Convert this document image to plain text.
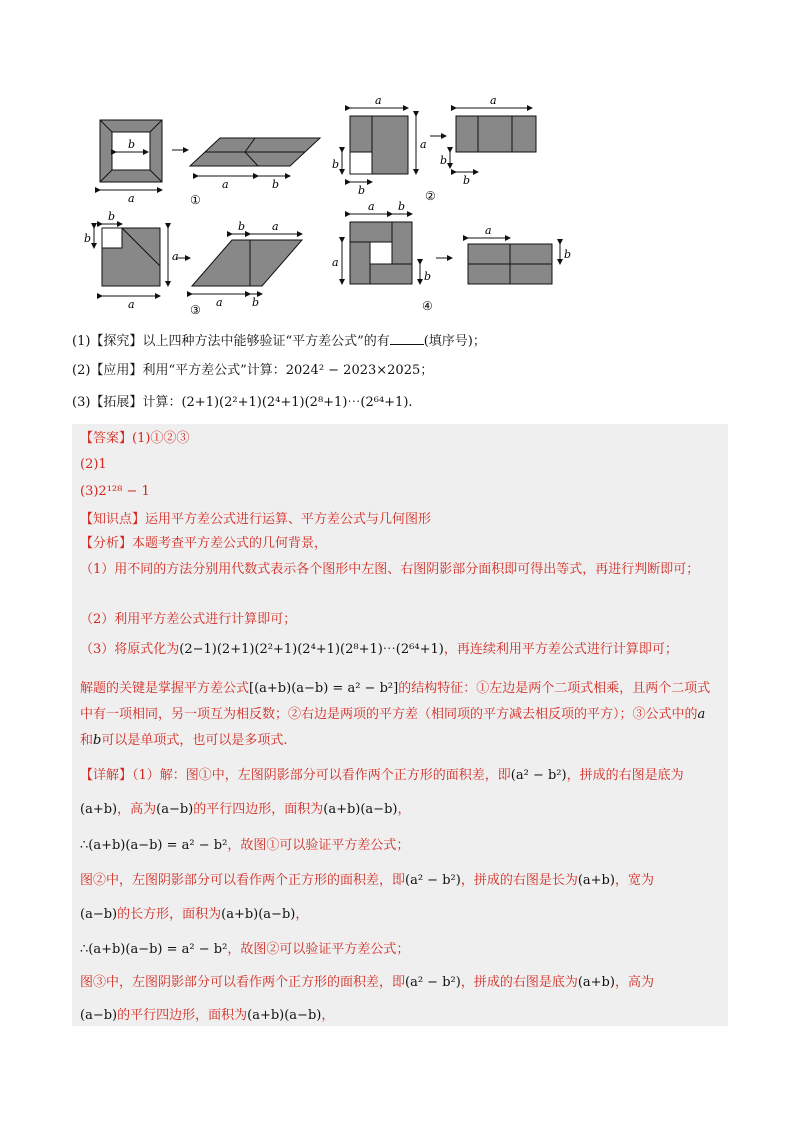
b
a
a	b
①
a
a
b
b
a
b
b
②
b
b
a
a
b a
a	b
③
a b
a
b
④
a
b
(1)【探究】以上四种方法中能够验证“平方差公式”的有	(填序号)；
(2)【应用】利用“平方差公式”计算：2024² − 2023×2025；
(3)【拓展】计算：(2+1)(2²+1)(2⁴+1)(2⁸+1)⋯(2⁶⁴+1).
【答案】(1)①②③
(2)1
(3)2¹²⁸ − 1
【知识点】运用平方差公式进行运算、平方差公式与几何图形
【分析】本题考查平方差公式的几何背景，
（1）用不同的方法分别用代数式表示各个图形中左图、右图阴影部分面积即可得出等式，再进行判断即可；
（2）利用平方差公式进行计算即可；
（3）将原式化为(2−1)(2+1)(2²+1)(2⁴+1)(2⁸+1)⋯(2⁶⁴+1)，再连续利用平方差公式进行计算即可；
解题的关键是掌握平方差公式[(a+b)(a−b) = a² − b²]的结构特征：①左边是两个二项式相乘，且两个二项式中有一项相同，另一项互为相反数；②右边是两项的平方差（相同项的平方减去相反项的平方）；③公式中的a和b可以是单项式，也可以是多项式.
【详解】（1）解：图①中，左图阴影部分可以看作两个正方形的面积差，即(a² − b²)，拼成的右图是底为
(a+b)，高为(a−b)的平行四边形，面积为(a+b)(a−b)，
∴(a+b)(a−b) = a² − b²，故图①可以验证平方差公式；
图②中，左图阴影部分可以看作两个正方形的面积差，即(a² − b²)，拼成的右图是长为(a+b)，宽为
(a−b)的长方形，面积为(a+b)(a−b)，
∴(a+b)(a−b) = a² − b²，故图②可以验证平方差公式；
图③中，左图阴影部分可以看作两个正方形的面积差，即(a² − b²)，拼成的右图是底为(a+b)，高为
(a−b)的平行四边形，面积为(a+b)(a−b)，
